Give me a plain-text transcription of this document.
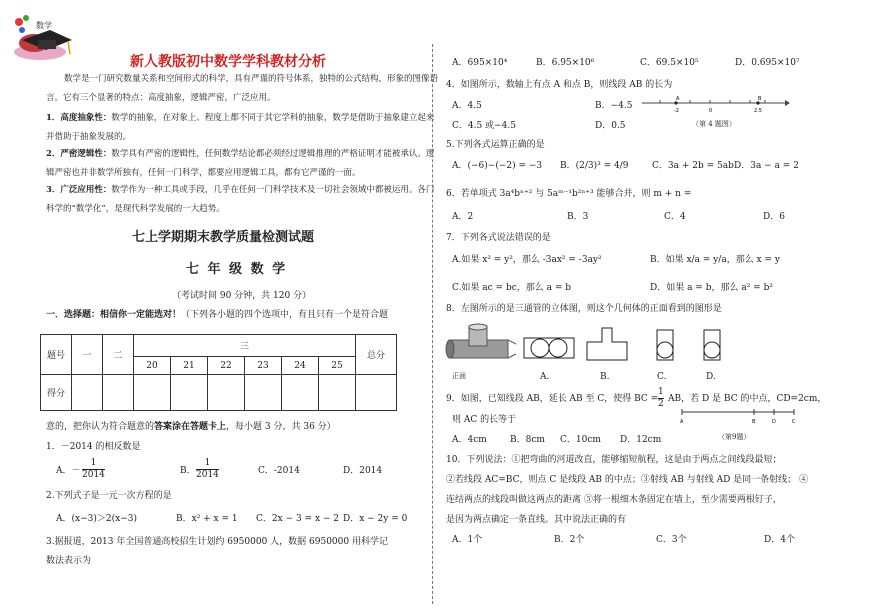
数学
新人教版初中数学学科教材分析
数学是一门研究数量关系和空间形式的科学，具有严谨的符号体系，独特的公式结构，形象的图像语言。它有三个显著的特点：高度抽象，逻辑严密，广泛应用。
1．高度抽象性：数学的抽象，在对象上、程度上都不同于其它学科的抽象，数学是借助于抽象建立起来并借助于抽象发展的。
2．严密逻辑性：数学具有严密的逻辑性，任何数学结论都必须经过逻辑推理的严格证明才能被承认。逻辑严密也并非数学所独有，任何一门科学，都要应用逻辑工具，都有它严谨的一面。
3．广泛应用性：数学作为一种工具或手段，几乎在任何一门科学技术及一切社会领域中都被运用。各门科学的“数学化”，是现代科学发展的一大趋势。
七上学期期末教学质量检测试题
七 年 级 数 学
（考试时间 90 分钟，共 120 分）
一．选择题：相信你一定能选对！（下列各小题的四个选项中，有且只有一个是符合题
题号	一	二	三						总分
			20	21	22	23	24	25	
得分									
意的，把你认为符合题意的答案涂在答题卡上，每小题 3 分，共 36 分）
1．－2014 的相反数是
A．－ $\frac{1}{2014}$	B． $\frac{1}{2014}$	C．-2014	D．2014
2.下列式子是一元一次方程的是
A．(x−3)＞2(x−3)	B．x² + x = 1 C．2x − 3 = x − 2 D．x − 2y = 0
3.据报道，2013 年全国普通高校招生计划约 6950000 人，数据 6950000 用科学记
数法表示为
A．695×10⁴	B．6.95×10⁶	C．69.5×10⁵	D．0.695×10⁷
4．如图所示，数轴上有点 A 和点 B，则线段 AB 的长为
A．4.5	B．−4.5
C．4.5 或−4.5	D．0.5
A	B
-2	0	2.5
（第 4 题图）
5.下列各式运算正确的是
A．(−6)−(−2) = −3 B．(2/3)³ = 4/9	C．3a + 2b = 5ab D．3a − a = 2
6．若单项式 3a⁴bⁿ⁺² 与 5aᵐ⁻¹b²ⁿ⁺³ 能够合并，则 m + n =
A．2	B．3	C．4	D．6
7．下列各式说法错误的是
A.如果 x² = y²，那么 -3ax² = -3ay²	B．如果 x/a = y/a，那么 x = y
C.如果 ac = bc，那么 a = b	D．如果 a = b，那么 a² = b²
8．左图所示的是三通管的立体图，则这个几何体的正面看到的图形是
正面	A.	B.	C.	D.
9．如图，已知线段 AB，延长 AB 至 C，使得 BC = $\frac{1}{2}$ AB，若 D 是 BC 的中点，CD=2cm，
则 AC 的长等于	A	B	D	C
（第9题）
A．4cm	B．8cm C．10cm D．12cm
10．下列说法：①把弯曲的河道改直，能够缩短航程，这是由于两点之间线段最短；
②若线段 AC=BC，则点 C 是线段 AB 的中点；③射线 AB 与射线 AD 是同一条射线； ④
连结两点的线段叫做这两点的距离 ⑤将一根细木条固定在墙上，至少需要两根钉子，
是因为两点确定一条直线。其中说法正确的有
A．1个	B．2个	C．3个	D．4个
